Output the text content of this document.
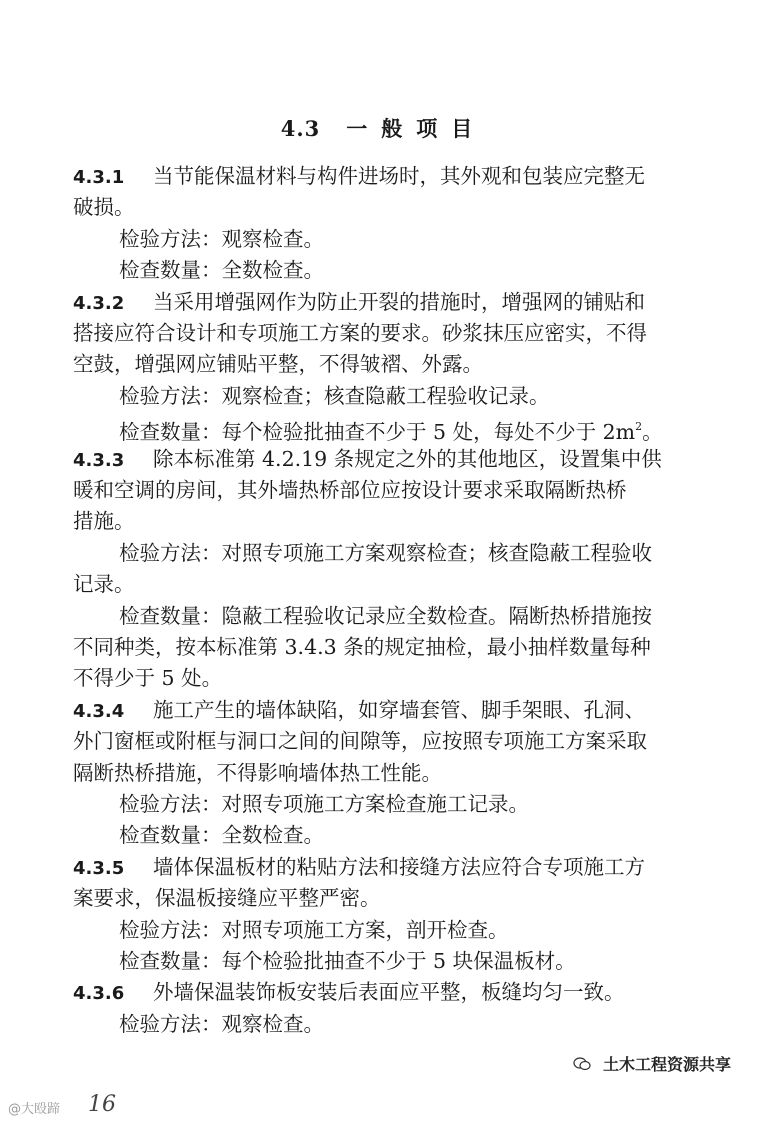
4.3 一般项目
4.3.1 当节能保温材料与构件进场时，其外观和包装应完整无
破损。
检验方法：观察检查。
检查数量：全数检查。
4.3.2 当采用增强网作为防止开裂的措施时，增强网的铺贴和
搭接应符合设计和专项施工方案的要求。砂浆抹压应密实，不得
空鼓，增强网应铺贴平整，不得皱褶、外露。
检验方法：观察检查；核查隐蔽工程验收记录。
检查数量：每个检验批抽查不少于 5 处，每处不少于 $2m^2$。
4.3.3 除本标准第 4.2.19 条规定之外的其他地区，设置集中供
暖和空调的房间，其外墙热桥部位应按设计要求采取隔断热桥
措施。
检验方法：对照专项施工方案观察检查；核查隐蔽工程验收
记录。
检查数量：隐蔽工程验收记录应全数检查。隔断热桥措施按
不同种类，按本标准第 3.4.3 条的规定抽检，最小抽样数量每种
不得少于 5 处。
4.3.4 施工产生的墙体缺陷，如穿墙套管、脚手架眼、孔洞、
外门窗框或附框与洞口之间的间隙等，应按照专项施工方案采取
隔断热桥措施，不得影响墙体热工性能。
检验方法：对照专项施工方案检查施工记录。
检查数量：全数检查。
4.3.5 墙体保温板材的粘贴方法和接缝方法应符合专项施工方
案要求，保温板接缝应平整严密。
检验方法：对照专项施工方案，剖开检查。
检查数量：每个检验批抽查不少于 5 块保温板材。
4.3.6 外墙保温装饰板安装后表面应平整，板缝均匀一致。
检验方法：观察检查。
土木工程资源共享
@大殴蹄 16
